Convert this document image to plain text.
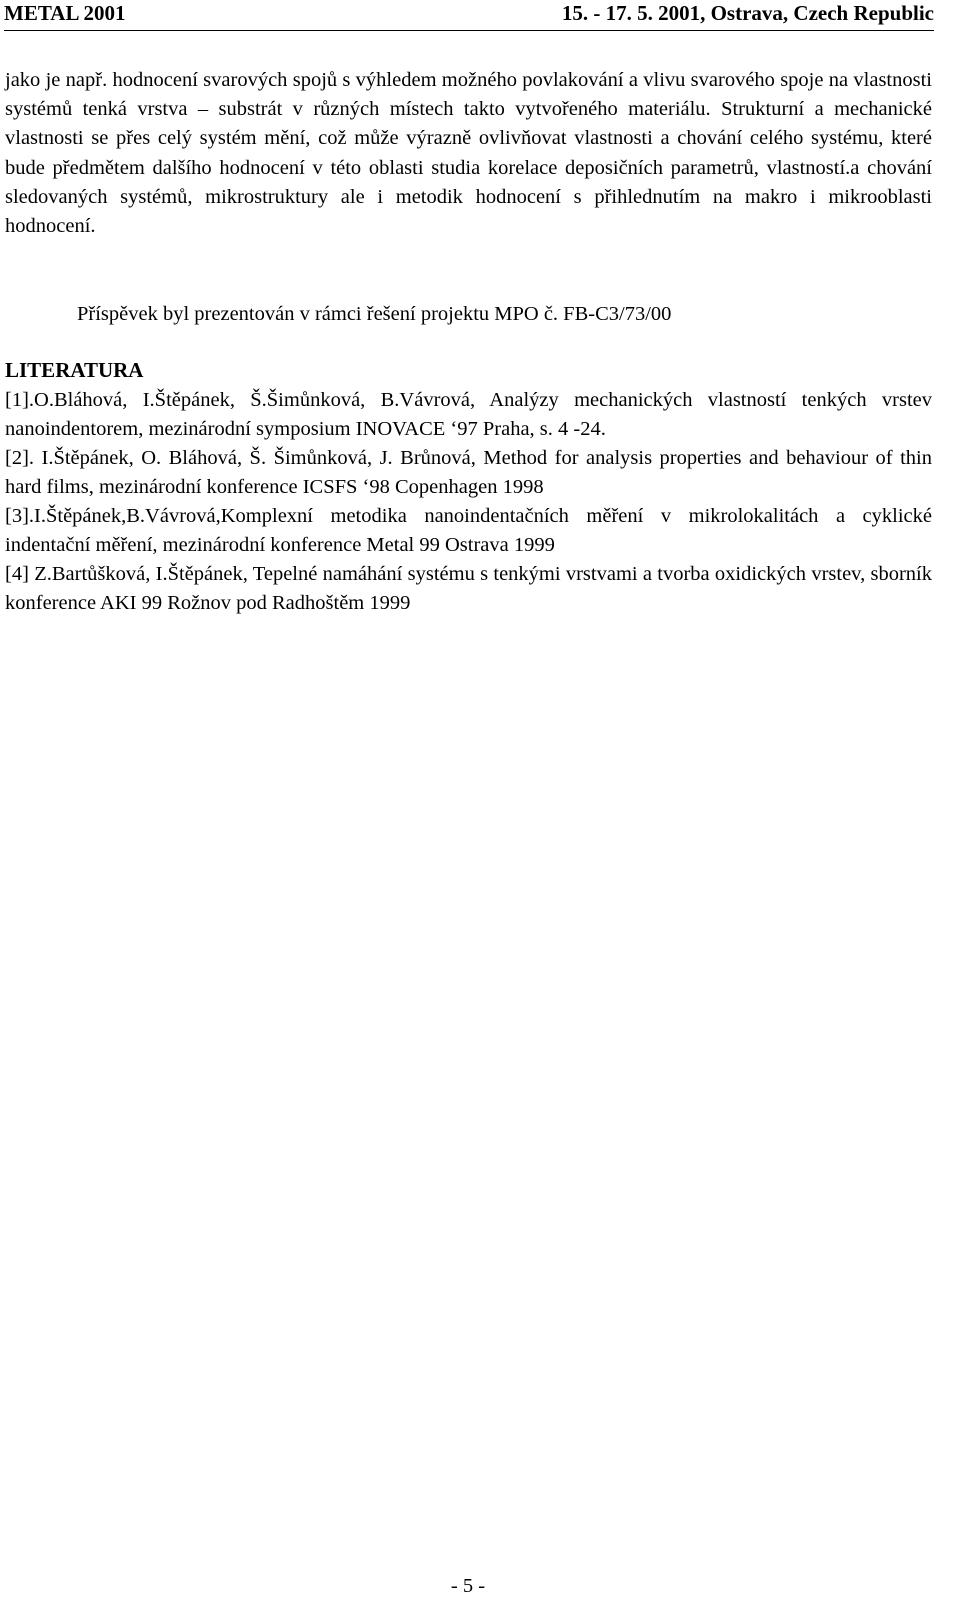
METAL 2001	15. - 17. 5. 2001, Ostrava, Czech Republic

jako je např. hodnocení svarových spojů s výhledem možného povlakování a vlivu svarového spoje na vlastnosti systémů tenká vrstva – substrát v různých místech takto vytvořeného materiálu. Strukturní a mechanické vlastnosti se přes celý systém mění, což může výrazně ovlivňovat vlastnosti a chování celého systému, které bude předmětem dalšího hodnocení v této oblasti studia korelace deposičních parametrů, vlastností.a chování sledovaných systémů, mikrostruktury ale i metodik hodnocení s přihlednutím na makro i mikrooblasti hodnocení.

Příspěvek byl prezentován v rámci řešení projektu MPO č. FB-C3/73/00
LITERATURA

[1].O.Bláhová, I.Štěpánek, Š.Šimůnková, B.Vávrová, Analýzy mechanických vlastností tenkých vrstev nanoindentorem, mezinárodní symposium INOVACE ‘97 Praha, s. 4 -24.

[2]. I.Štěpánek, O. Bláhová, Š. Šimůnková, J. Brůnová, Method for analysis properties and behaviour of thin hard films, mezinárodní konference ICSFS ‘98 Copenhagen 1998

[3].I.Štěpánek,B.Vávrová,Komplexní metodika nanoindentačních měření v mikrolokalitách a cyklické indentační měření, mezinárodní konference Metal 99 Ostrava 1999

[4] Z.Bartůšková, I.Štěpánek, Tepelné namáhání systému s tenkými vrstvami a tvorba oxidických vrstev, sborník konference AKI 99 Rožnov pod Radhoštěm 1999

- 5 -
